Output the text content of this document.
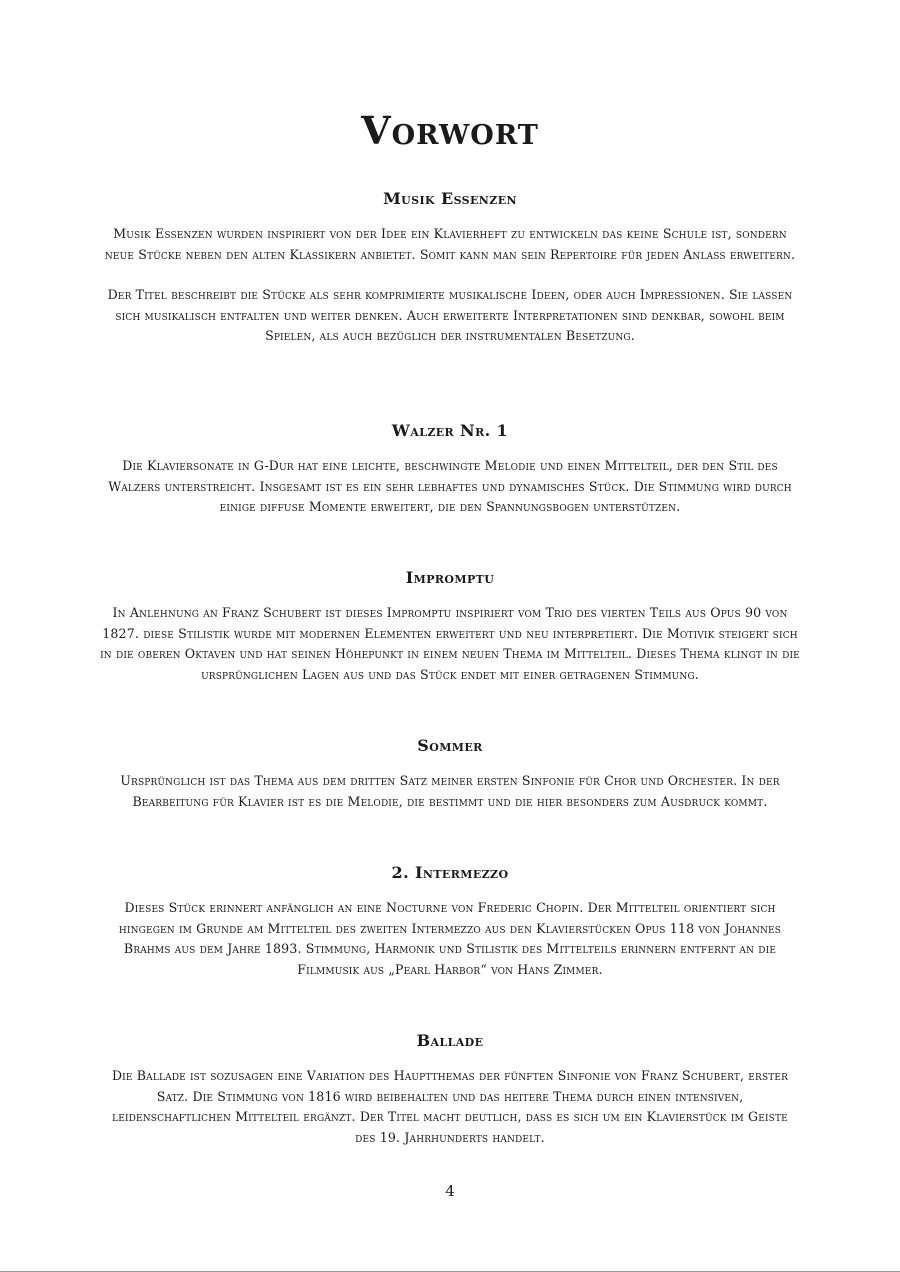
Vorwort
Musik Essenzen

Musik Essenzen wurden inspiriert von der Idee ein Klavierheft zu entwickeln das keine Schule ist, sondern neue Stücke neben den alten Klassikern anbietet. Somit kann man sein Repertoire für jeden Anlass erweitern.

Der Titel beschreibt die Stücke als sehr komprimierte musikalische Ideen, oder auch Impressionen. Sie lassen sich musikalisch entfalten und weiter denken. Auch erweiterte Interpretationen sind denkbar, sowohl beim Spielen, als auch bezüglich der instrumentalen Besetzung.

Walzer Nr. 1

Die Klaviersonate in G-Dur hat eine leichte, beschwingte Melodie und einen Mittelteil, der den Stil des Walzers unterstreicht. Insgesamt ist es ein sehr lebhaftes und dynamisches Stück. Die Stimmung wird durch einige diffuse Momente erweitert, die den Spannungsbogen unterstützen.

Impromptu

In Anlehnung an Franz Schubert ist dieses Impromptu inspiriert vom Trio des vierten Teils aus Opus 90 von 1827. diese Stilistik wurde mit modernen Elementen erweitert und neu interpretiert. Die Motivik steigert sich in die oberen Oktaven und hat seinen Höhepunkt in einem neuen Thema im Mittelteil. Dieses Thema klingt in die ursprünglichen Lagen aus und das Stück endet mit einer getragenen Stimmung.

Sommer

Ursprünglich ist das Thema aus dem dritten Satz meiner ersten Sinfonie für Chor und Orchester. In der Bearbeitung für Klavier ist es die Melodie, die bestimmt und die hier besonders zum Ausdruck kommt.

2. Intermezzo

Dieses Stück erinnert anfänglich an eine Nocturne von Frederic Chopin. Der Mittelteil orientiert sich hingegen im Grunde am Mittelteil des zweiten Intermezzo aus den Klavierstücken Opus 118 von Johannes Brahms aus dem Jahre 1893. Stimmung, Harmonik und Stilistik des Mittelteils erinnern entfernt an die Filmmusik aus „Pearl Harbor“ von Hans Zimmer.

Ballade

Die Ballade ist sozusagen eine Variation des Hauptthemas der fünften Sinfonie von Franz Schubert, erster Satz. Die Stimmung von 1816 wird beibehalten und das heitere Thema durch einen intensiven, leidenschaftlichen Mittelteil ergänzt. Der Titel macht deutlich, dass es sich um ein Klavierstück im Geiste des 19. Jahrhunderts handelt.

4
